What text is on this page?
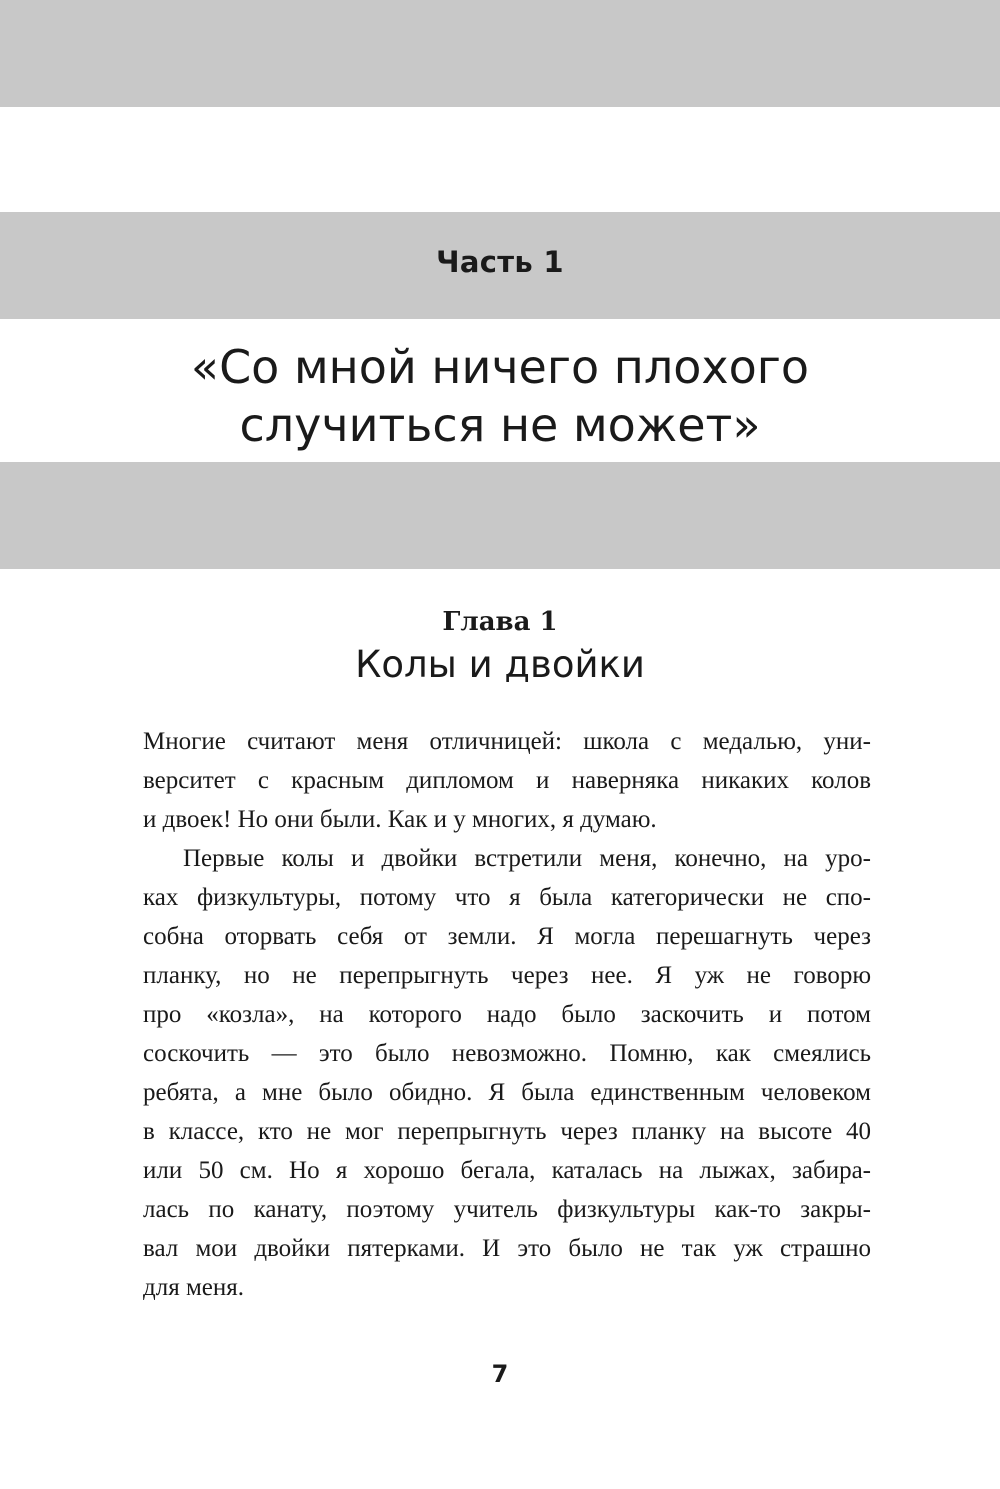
Часть 1
«Со мной ничего плохого
случиться не может»
Глава 1
Колы и двойки
Многие считают меня отличницей: школа с медалью, уни-
верситет с красным дипломом и наверняка никаких колов
и двоек! Но они были. Как и у многих, я думаю.
Первые колы и двойки встретили меня, конечно, на уро-
ках физкультуры, потому что я была категорически не спо-
собна оторвать себя от земли. Я могла перешагнуть через
планку, но не перепрыгнуть через нее. Я уж не говорю
про «козла», на которого надо было заскочить и потом
соскочить — это было невозможно. Помню, как смеялись
ребята, а мне было обидно. Я была единственным человеком
в классе, кто не мог перепрыгнуть через планку на высоте 40
или 50 см. Но я хорошо бегала, каталась на лыжах, забира-
лась по канату, поэтому учитель физкультуры как-то закры-
вал мои двойки пятерками. И это было не так уж страшно
для меня.
7
